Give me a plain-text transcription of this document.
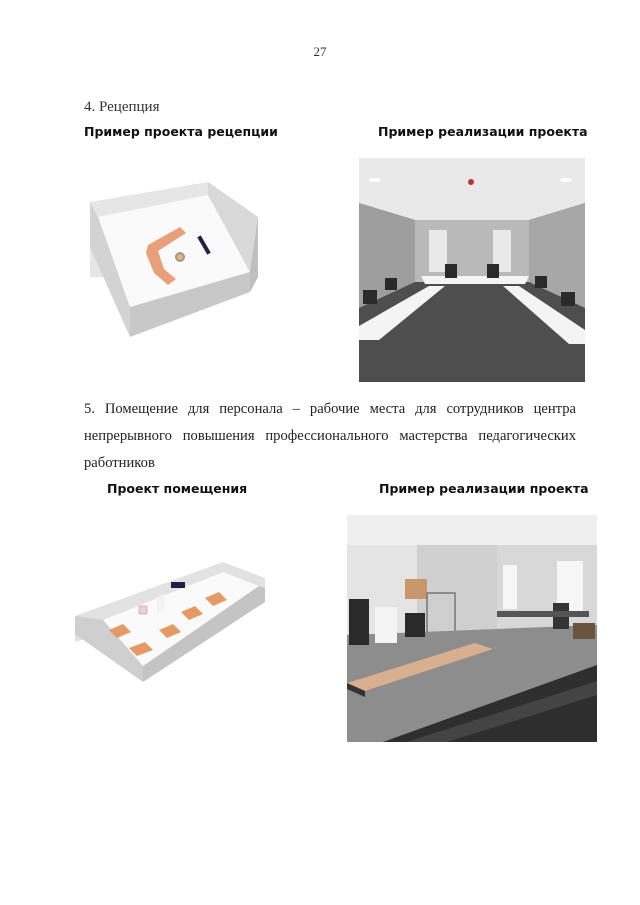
27
4. Рецепция
Пример проекта рецепции	Пример реализации проекта
5. Помещение для персонала – рабочие места для сотрудников центра
непрерывного повышения профессионального мастерства педагогических
работников
Проект помещения	Пример реализации проекта
